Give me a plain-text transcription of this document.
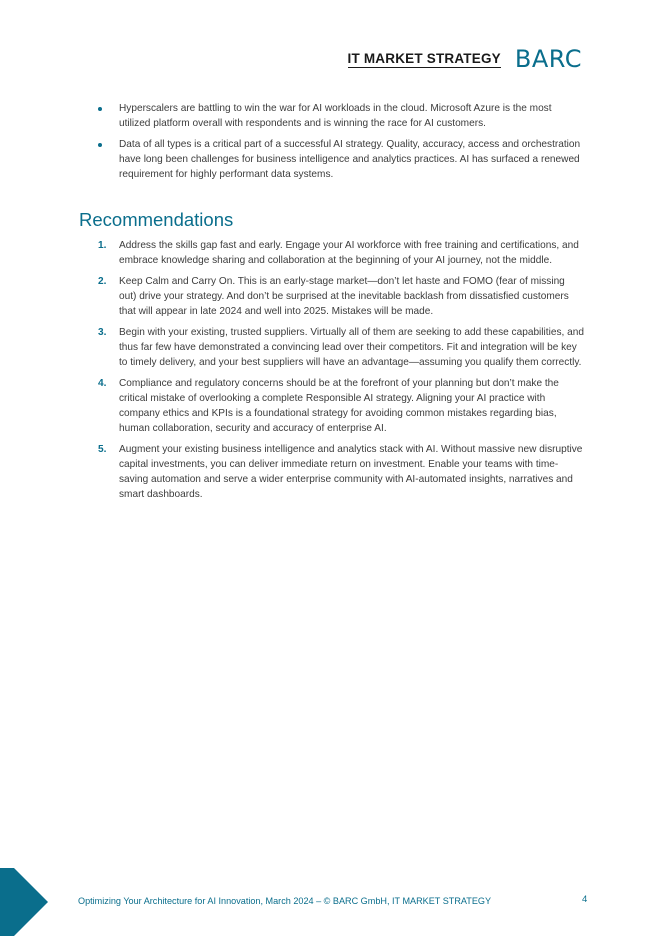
IT MARKET STRATEGY BARC
Hyperscalers are battling to win the war for AI workloads in the cloud. Microsoft Azure is the most utilized platform overall with respondents and is winning the race for AI customers.
Data of all types is a critical part of a successful AI strategy. Quality, accuracy, access and orchestration have long been challenges for business intelligence and analytics practices. AI has surfaced a renewed requirement for highly performant data systems.
Recommendations
1. Address the skills gap fast and early. Engage your AI workforce with free training and certifications, and embrace knowledge sharing and collaboration at the beginning of your AI journey, not the middle.
2. Keep Calm and Carry On. This is an early-stage market—don’t let haste and FOMO (fear of missing out) drive your strategy. And don’t be surprised at the inevitable backlash from dissatisfied customers that will appear in late 2024 and well into 2025. Mistakes will be made.
3. Begin with your existing, trusted suppliers. Virtually all of them are seeking to add these capabilities, and thus far few have demonstrated a convincing lead over their competitors. Fit and integration will be key to timely delivery, and your best suppliers will have an advantage—assuming you qualify them correctly.
4. Compliance and regulatory concerns should be at the forefront of your planning but don’t make the critical mistake of overlooking a complete Responsible AI strategy. Aligning your AI practice with company ethics and KPIs is a foundational strategy for avoiding common mistakes regarding bias, human collaboration, security and accuracy of enterprise AI.
5. Augment your existing business intelligence and analytics stack with AI. Without massive new disruptive capital investments, you can deliver immediate return on investment. Enable your teams with time-saving automation and serve a wider enterprise community with AI-automated insights, narratives and smart dashboards.
Optimizing Your Architecture for AI Innovation, March 2024 – © BARC GmbH, IT MARKET STRATEGY	4
